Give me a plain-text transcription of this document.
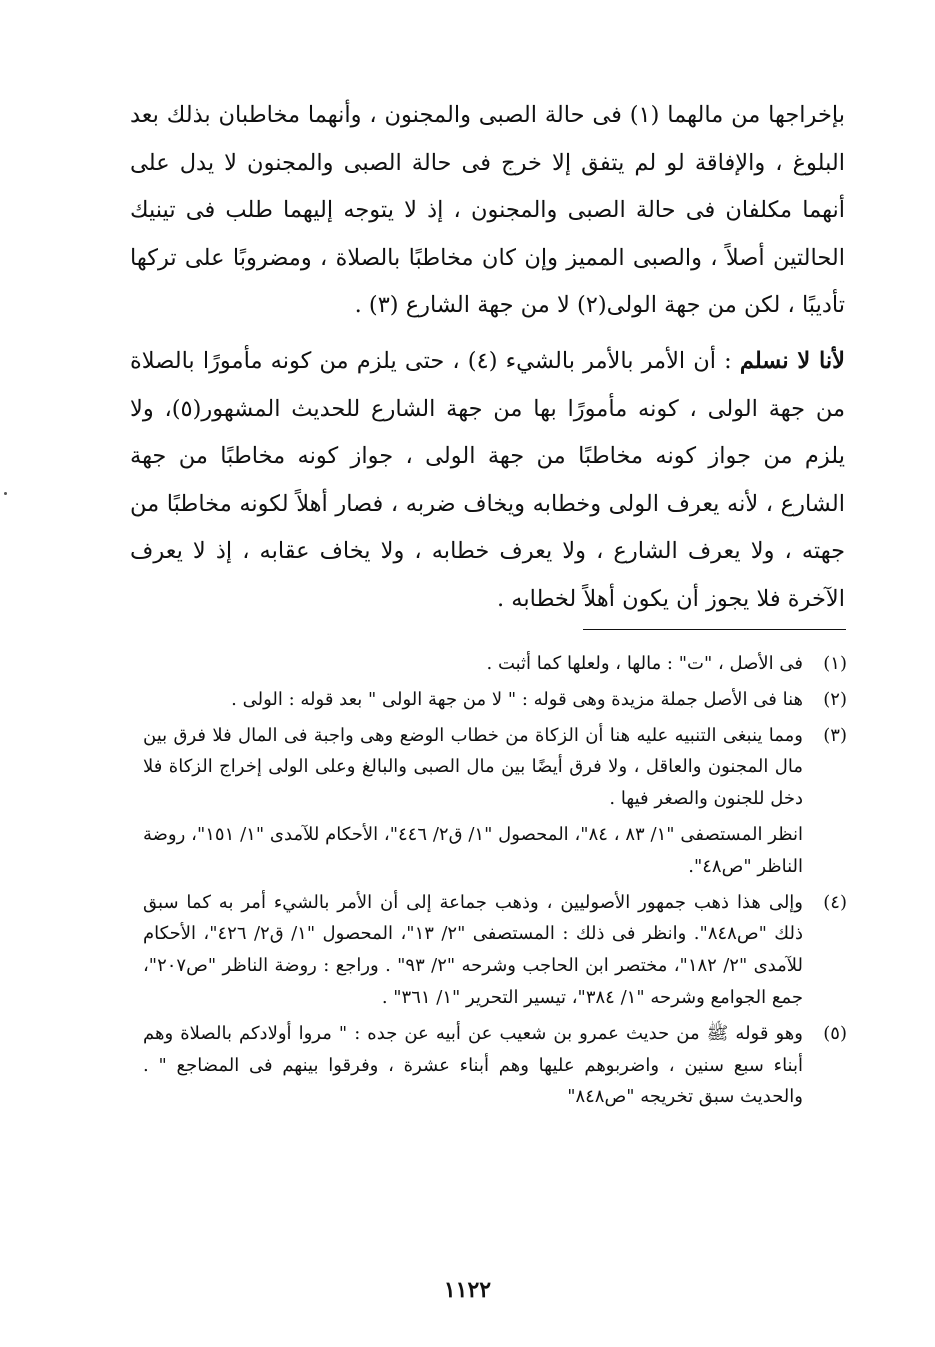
بإخراجها من مالهما (١) فى حالة الصبى والمجنون ، وأنهما مخاطبان بذلك بعد البلوغ ، والإفاقة لو لم يتفق إلا خرج فى حالة الصبى والمجنون لا يدل على أنهما مكلفان فى حالة الصبى والمجنون ، إذ لا يتوجه إليهما طلب فى تينيك الحالتين أصلاً ، والصبى المميز وإن كان مخاطبًا بالصلاة ، ومضروبًا على تركها تأديبًا ، لكن من جهة الولى(٢) لا من جهة الشارع (٣) .

لأنا لا نسلم : أن الأمر بالأمر بالشيء (٤) ، حتى يلزم من كونه مأمورًا بالصلاة من جهة الولى ، كونه مأمورًا بها من جهة الشارع للحديث المشهور(٥)، ولا يلزم من جواز كونه مخاطبًا من جهة الولى ، جواز كونه مخاطبًا من جهة الشارع ، لأنه يعرف الولى وخطابه ويخاف ضربه ، فصار أهلاً لكونه مخاطبًا من جهته ، ولا يعرف الشارع ، ولا يعرف خطابه ، ولا يخاف عقابه ، إذ لا يعرف الآخرة فلا يجوز أن يكون أهلاً لخطابه .

(١)
فى الأصل ، "ت" : مالها ، ولعلها كما أثبت .
(٢)
هنا فى الأصل جملة مزيدة وهى قوله : " لا من جهة الولى " بعد قوله : الولى .
(٣)
ومما ينبغى التنبيه عليه هنا أن الزكاة من خطاب الوضع وهى واجبة فى المال فلا فرق بين مال المجنون والعاقل ، ولا فرق أيضًا بين مال الصبى والبالغ وعلى الولى إخراج الزكاة فلا دخل للجنون والصغر فيها .
انظر المستصفى "١/ ٨٣ ، ٨٤"، المحصول "١/ ق٢/ ٤٤٦"، الأحكام للآمدى "١/ ١٥١"، روضة الناظر "ص٤٨".
(٤)
وإلى هذا ذهب جمهور الأصوليين ، وذهب جماعة إلى أن الأمر بالشيء أمر به كما سبق ذلك "ص٨٤٨". وانظر فى ذلك : المستصفى "٢/ ١٣"، المحصول "١/ ق٢/ ٤٢٦"، الأحكام للآمدى "٢/ ١٨٢"، مختصر ابن الحاجب وشرحه "٢/ ٩٣" . وراجع : روضة الناظر "ص٢٠٧"، جمع الجوامع وشرحه "١/ ٣٨٤"، تيسير التحرير "١/ ٣٦١" .
(٥)
وهو قوله ﷺ من حديث عمرو بن شعيب عن أبيه عن جده : " مروا أولادكم بالصلاة وهم أبناء سبع سنين ، واضربوهم عليها وهم أبناء عشرة ، وفرقوا بينهم فى المضاجع " . والحديث سبق تخريجه "ص٨٤٨"
١١٢٢
